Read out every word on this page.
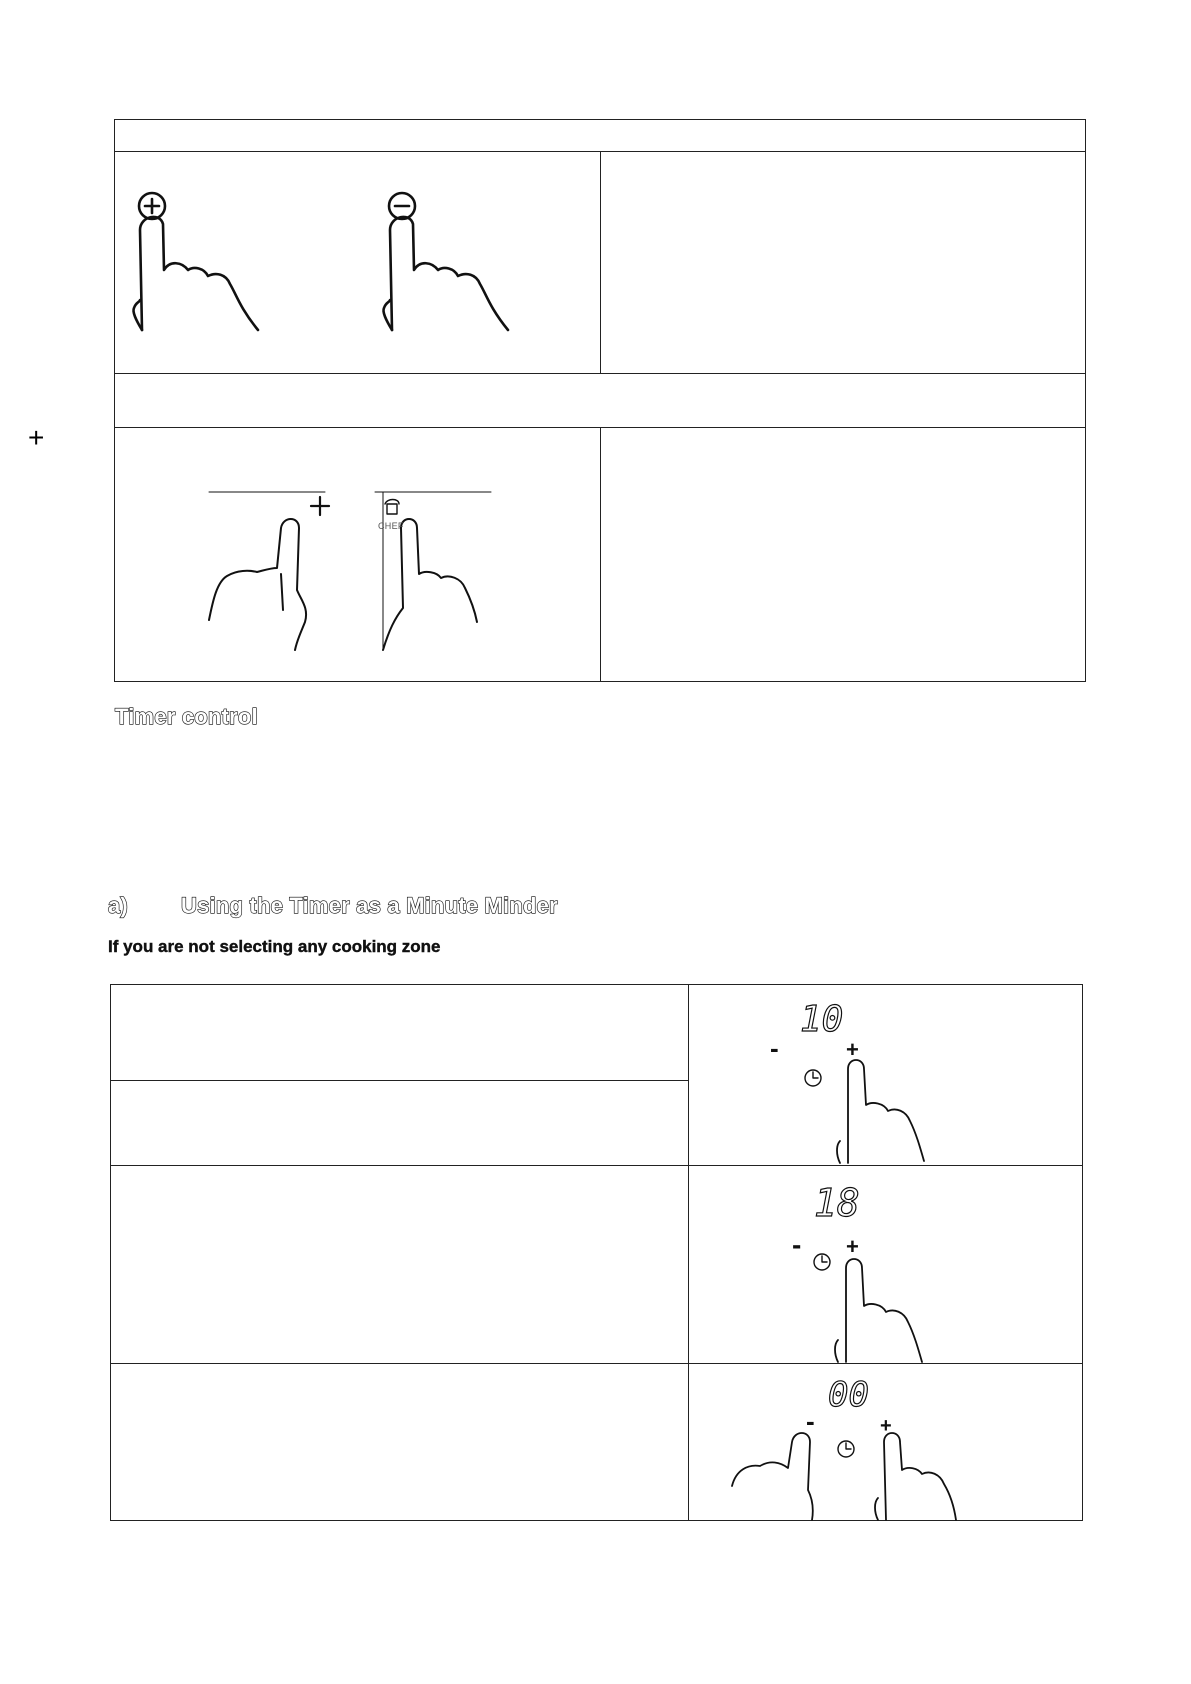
+
CHEF
Timer control
a) Using the Timer as a Minute Minder
If you are not selecting any cooking zone
10
-	+
18
- +
00
-	+
